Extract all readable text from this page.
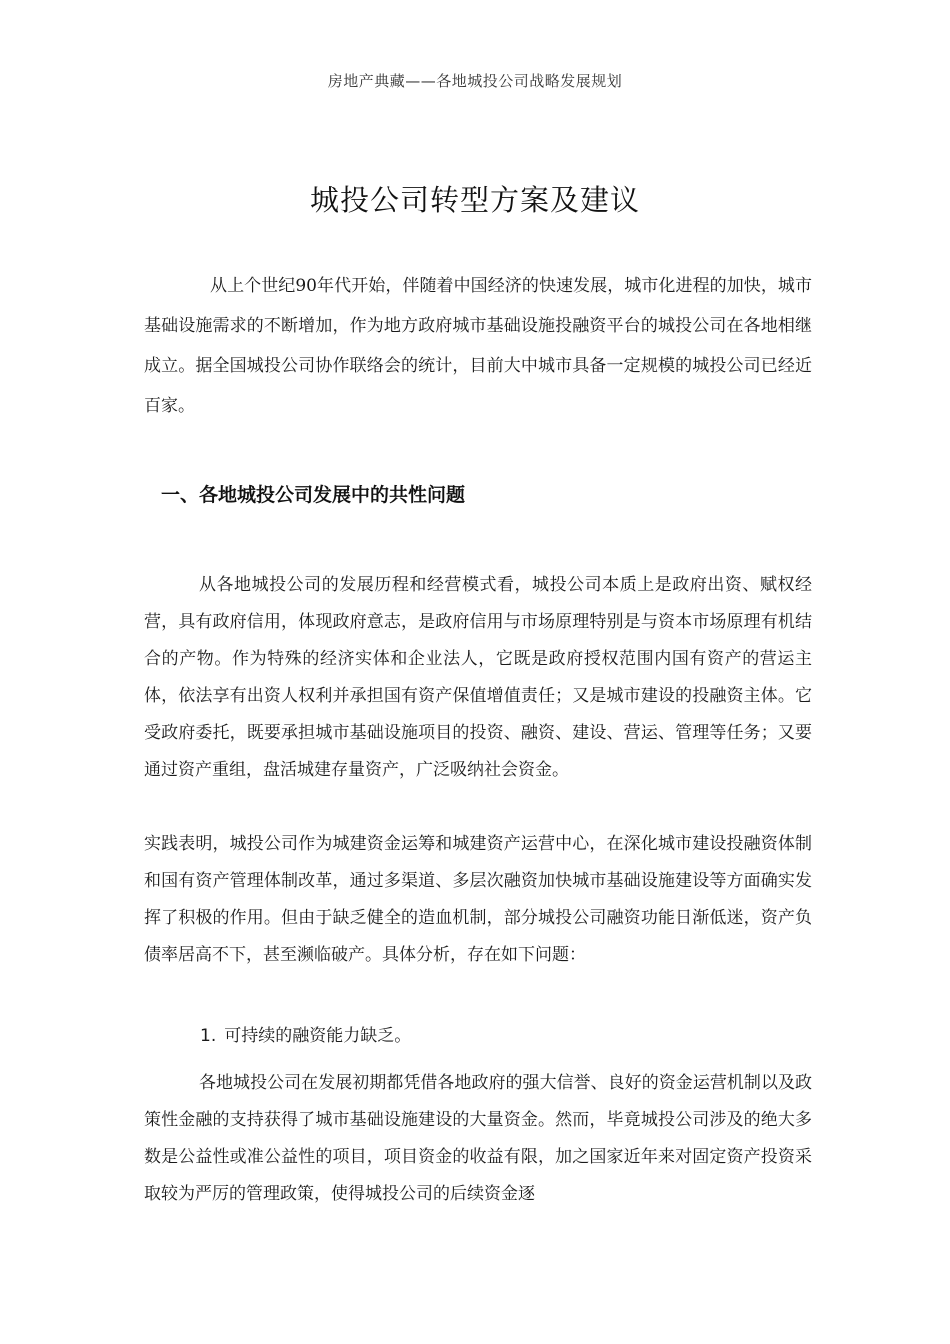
房地产典藏——各地城投公司战略发展规划
城投公司转型方案及建议

从上个世纪90年代开始，伴随着中国经济的快速发展，城市化进程的加快，城市基础设施需求的不断增加，作为地方政府城市基础设施投融资平台的城投公司在各地相继成立。据全国城投公司协作联络会的统计，目前大中城市具备一定规模的城投公司已经近百家。

一、各地城投公司发展中的共性问题

从各地城投公司的发展历程和经营模式看，城投公司本质上是政府出资、赋权经营，具有政府信用，体现政府意志，是政府信用与市场原理特别是与资本市场原理有机结合的产物。作为特殊的经济实体和企业法人，它既是政府授权范围内国有资产的营运主体，依法享有出资人权利并承担国有资产保值增值责任；又是城市建设的投融资主体。它受政府委托，既要承担城市基础设施项目的投资、融资、建设、营运、管理等任务；又要通过资产重组，盘活城建存量资产，广泛吸纳社会资金。

实践表明，城投公司作为城建资金运筹和城建资产运营中心，在深化城市建设投融资体制和国有资产管理体制改革，通过多渠道、多层次融资加快城市基础设施建设等方面确实发挥了积极的作用。但由于缺乏健全的造血机制，部分城投公司融资功能日渐低迷，资产负债率居高不下，甚至濒临破产。具体分析，存在如下问题：

1. 可持续的融资能力缺乏。

各地城投公司在发展初期都凭借各地政府的强大信誉、良好的资金运营机制以及政策性金融的支持获得了城市基础设施建设的大量资金。然而，毕竟城投公司涉及的绝大多数是公益性或准公益性的项目，项目资金的收益有限，加之国家近年来对固定资产投资采取较为严厉的管理政策，使得城投公司的后续资金逐
